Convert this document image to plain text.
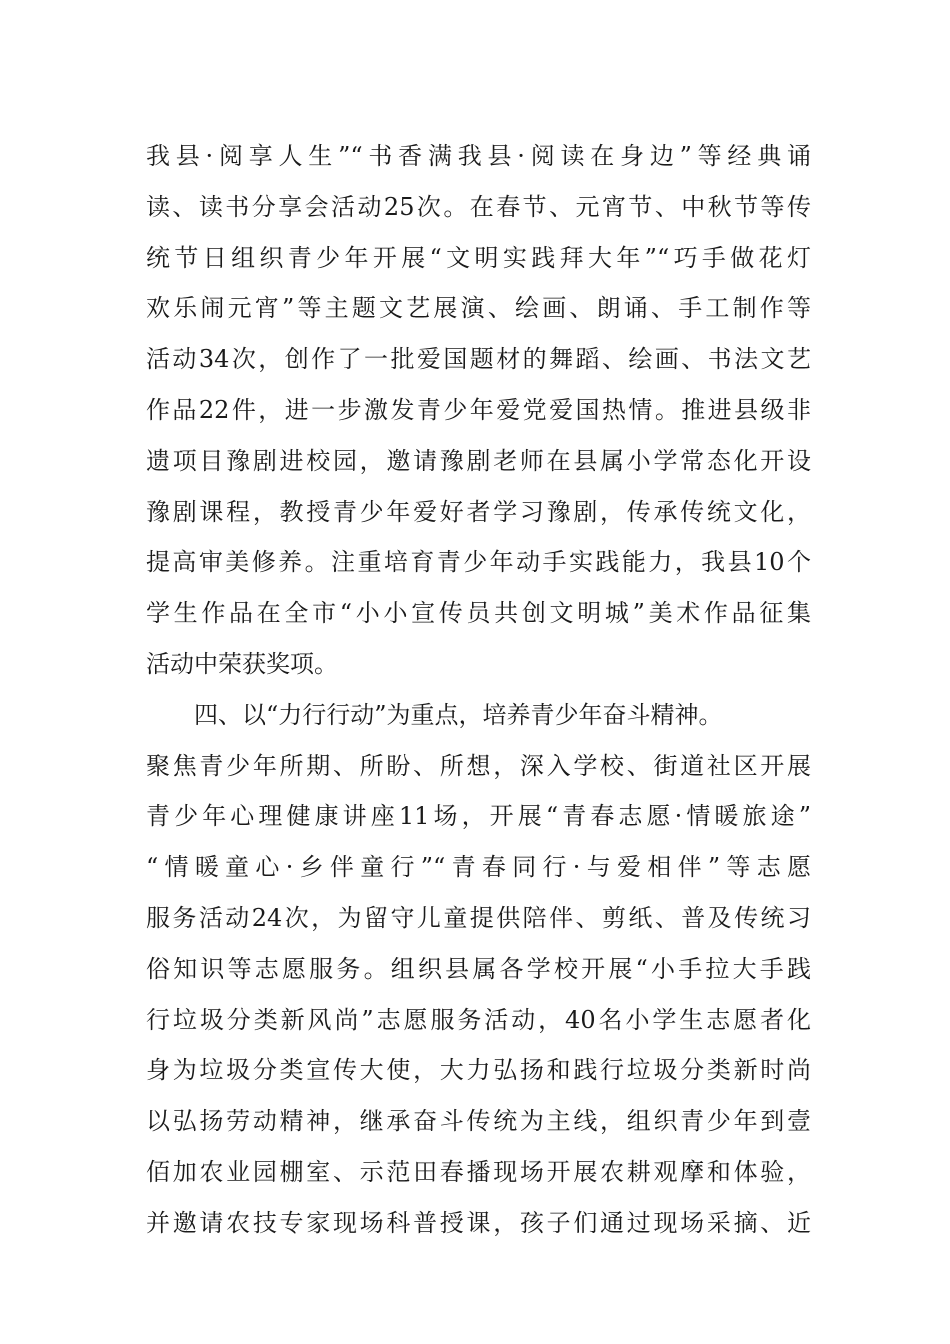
我县·阅享人生”“书香满我县·阅读在身边”等经典诵
读、读书分享会活动25次。在春节、元宵节、中秋节等传
统节日组织青少年开展“文明实践拜大年”“巧手做花灯
欢乐闹元宵”等主题文艺展演、绘画、朗诵、手工制作等
活动34次，创作了一批爱国题材的舞蹈、绘画、书法文艺
作品22件，进一步激发青少年爱党爱国热情。推进县级非
遗项目豫剧进校园，邀请豫剧老师在县属小学常态化开设
豫剧课程，教授青少年爱好者学习豫剧，传承传统文化，
提高审美修养。注重培育青少年动手实践能力，我县10个
学生作品在全市“小小宣传员共创文明城”美术作品征集
活动中荣获奖项。
四、以“力行行动”为重点，培养青少年奋斗精神。
聚焦青少年所期、所盼、所想，深入学校、街道社区开展
青少年心理健康讲座11场，开展“青春志愿·情暖旅途”
“情暖童心·乡伴童行”“青春同行·与爱相伴”等志愿
服务活动24次，为留守儿童提供陪伴、剪纸、普及传统习
俗知识等志愿服务。组织县属各学校开展“小手拉大手践
行垃圾分类新风尚”志愿服务活动，40名小学生志愿者化
身为垃圾分类宣传大使，大力弘扬和践行垃圾分类新时尚
以弘扬劳动精神，继承奋斗传统为主线，组织青少年到壹
佰加农业园棚室、示范田春播现场开展农耕观摩和体验，
并邀请农技专家现场科普授课，孩子们通过现场采摘、近
